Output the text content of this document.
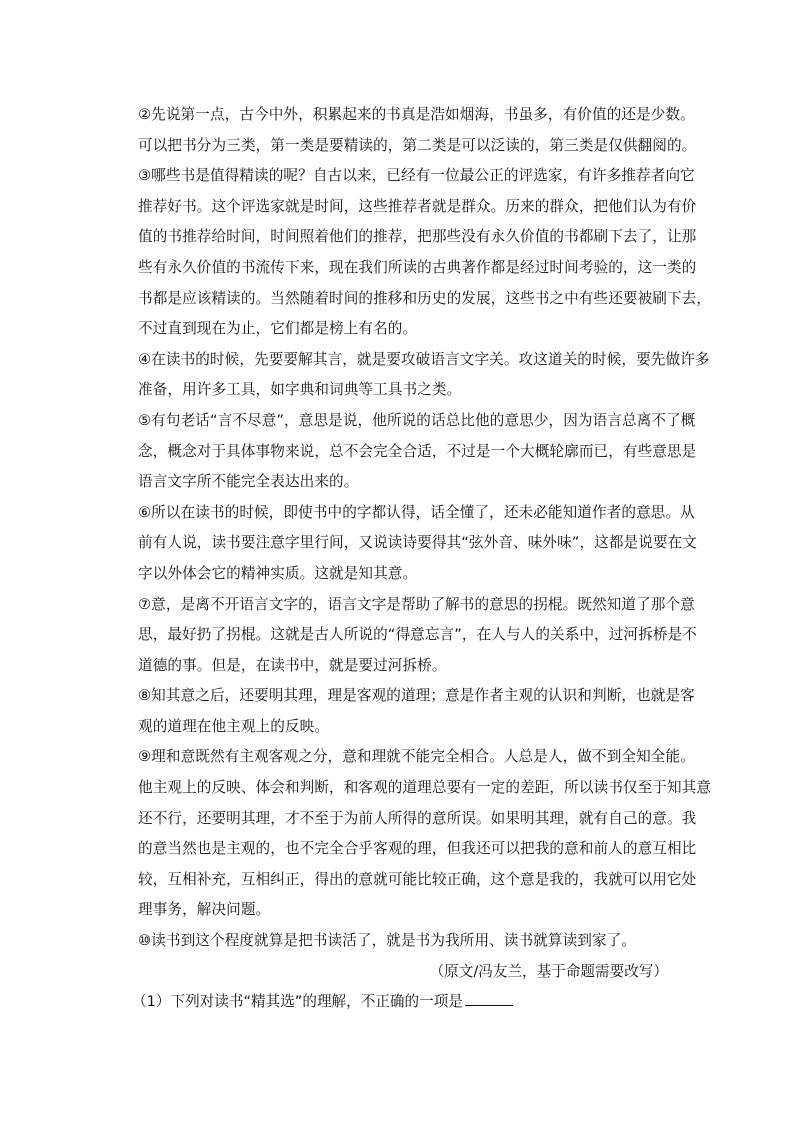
②先说第一点，古今中外，积累起来的书真是浩如烟海，书虽多，有价值的还是少数。
可以把书分为三类，第一类是要精读的，第二类是可以泛读的，第三类是仅供翻阅的。
③哪些书是值得精读的呢？自古以来，已经有一位最公正的评选家，有许多推荐者向它
推荐好书。这个评选家就是时间，这些推荐者就是群众。历来的群众，把他们认为有价
值的书推荐给时间，时间照着他们的推荐，把那些没有永久价值的书都刷下去了，让那
些有永久价值的书流传下来，现在我们所读的古典著作都是经过时间考验的，这一类的
书都是应该精读的。当然随着时间的推移和历史的发展，这些书之中有些还要被刷下去，
不过直到现在为止，它们都是榜上有名的。
④在读书的时候，先要要解其言，就是要攻破语言文字关。攻这道关的时候，要先做许多
准备，用许多工具，如字典和词典等工具书之类。
⑤有句老话“言不尽意”，意思是说，他所说的话总比他的意思少，因为语言总离不了概
念，概念对于具体事物来说，总不会完全合适，不过是一个大概轮廓而已，有些意思是
语言文字所不能完全表达出来的。
⑥所以在读书的时候，即使书中的字都认得，话全懂了，还未必能知道作者的意思。从
前有人说，读书要注意字里行间，又说读诗要得其“弦外音、味外味”，这都是说要在文
字以外体会它的精神实质。这就是知其意。
⑦意，是离不开语言文字的，语言文字是帮助了解书的意思的拐棍。既然知道了那个意
思，最好扔了拐棍。这就是古人所说的“得意忘言”，在人与人的关系中，过河拆桥是不
道德的事。但是，在读书中，就是要过河拆桥。
⑧知其意之后，还要明其理，理是客观的道理；意是作者主观的认识和判断，也就是客
观的道理在他主观上的反映。
⑨理和意既然有主观客观之分，意和理就不能完全相合。人总是人，做不到全知全能。
他主观上的反映、体会和判断，和客观的道理总要有一定的差距，所以读书仅至于知其意
还不行，还要明其理，才不至于为前人所得的意所误。如果明其理，就有自己的意。我
的意当然也是主观的，也不完全合乎客观的理，但我还可以把我的意和前人的意互相比
较，互相补充，互相纠正，得出的意就可能比较正确，这个意是我的，我就可以用它处
理事务，解决问题。
⑩读书到这个程度就算是把书读活了，就是书为我所用、读书就算读到家了。
（原文/冯友兰，基于命题需要改写）
（1）下列对读书“精其选”的理解，不正确的一项是
